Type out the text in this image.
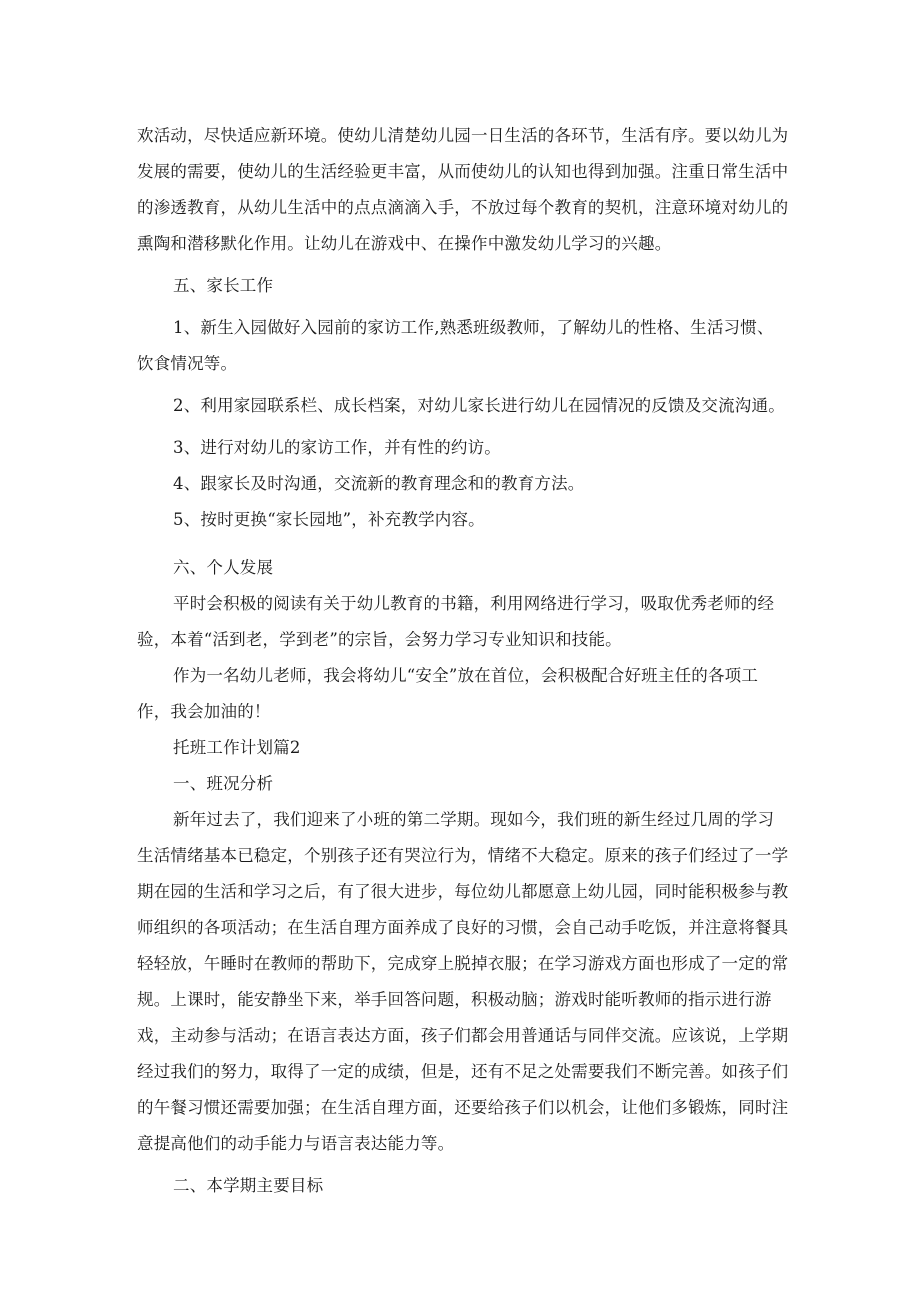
欢活动，尽快适应新环境。使幼儿清楚幼儿园一日生活的各环节，生活有序。要以幼儿为发展的需要，使幼儿的生活经验更丰富，从而使幼儿的认知也得到加强。注重日常生活中的渗透教育，从幼儿生活中的点点滴滴入手，不放过每个教育的契机，注意环境对幼儿的熏陶和潜移默化作用。让幼儿在游戏中、在操作中激发幼儿学习的兴趣。

五、家长工作

1、新生入园做好入园前的家访工作,熟悉班级教师，了解幼儿的性格、生活习惯、饮食情况等。

2、利用家园联系栏、成长档案，对幼儿家长进行幼儿在园情况的反馈及交流沟通。

3、进行对幼儿的家访工作，并有性的约访。

4、跟家长及时沟通，交流新的教育理念和的教育方法。

5、按时更换“家长园地”，补充教学内容。

六、个人发展

平时会积极的阅读有关于幼儿教育的书籍，利用网络进行学习，吸取优秀老师的经验，本着“活到老，学到老”的宗旨，会努力学习专业知识和技能。

作为一名幼儿老师，我会将幼儿“安全”放在首位，会积极配合好班主任的各项工作，我会加油的！

托班工作计划篇2

一、班况分析

新年过去了，我们迎来了小班的第二学期。现如今，我们班的新生经过几周的学习生活情绪基本已稳定，个别孩子还有哭泣行为，情绪不大稳定。原来的孩子们经过了一学期在园的生活和学习之后，有了很大进步，每位幼儿都愿意上幼儿园，同时能积极参与教师组织的各项活动；在生活自理方面养成了良好的习惯，会自己动手吃饭，并注意将餐具轻轻放，午睡时在教师的帮助下，完成穿上脱掉衣服；在学习游戏方面也形成了一定的常规。上课时，能安静坐下来，举手回答问题，积极动脑；游戏时能听教师的指示进行游戏，主动参与活动；在语言表达方面，孩子们都会用普通话与同伴交流。应该说，上学期经过我们的努力，取得了一定的成绩，但是，还有不足之处需要我们不断完善。如孩子们的午餐习惯还需要加强；在生活自理方面，还要给孩子们以机会，让他们多锻炼，同时注意提高他们的动手能力与语言表达能力等。

二、本学期主要目标
